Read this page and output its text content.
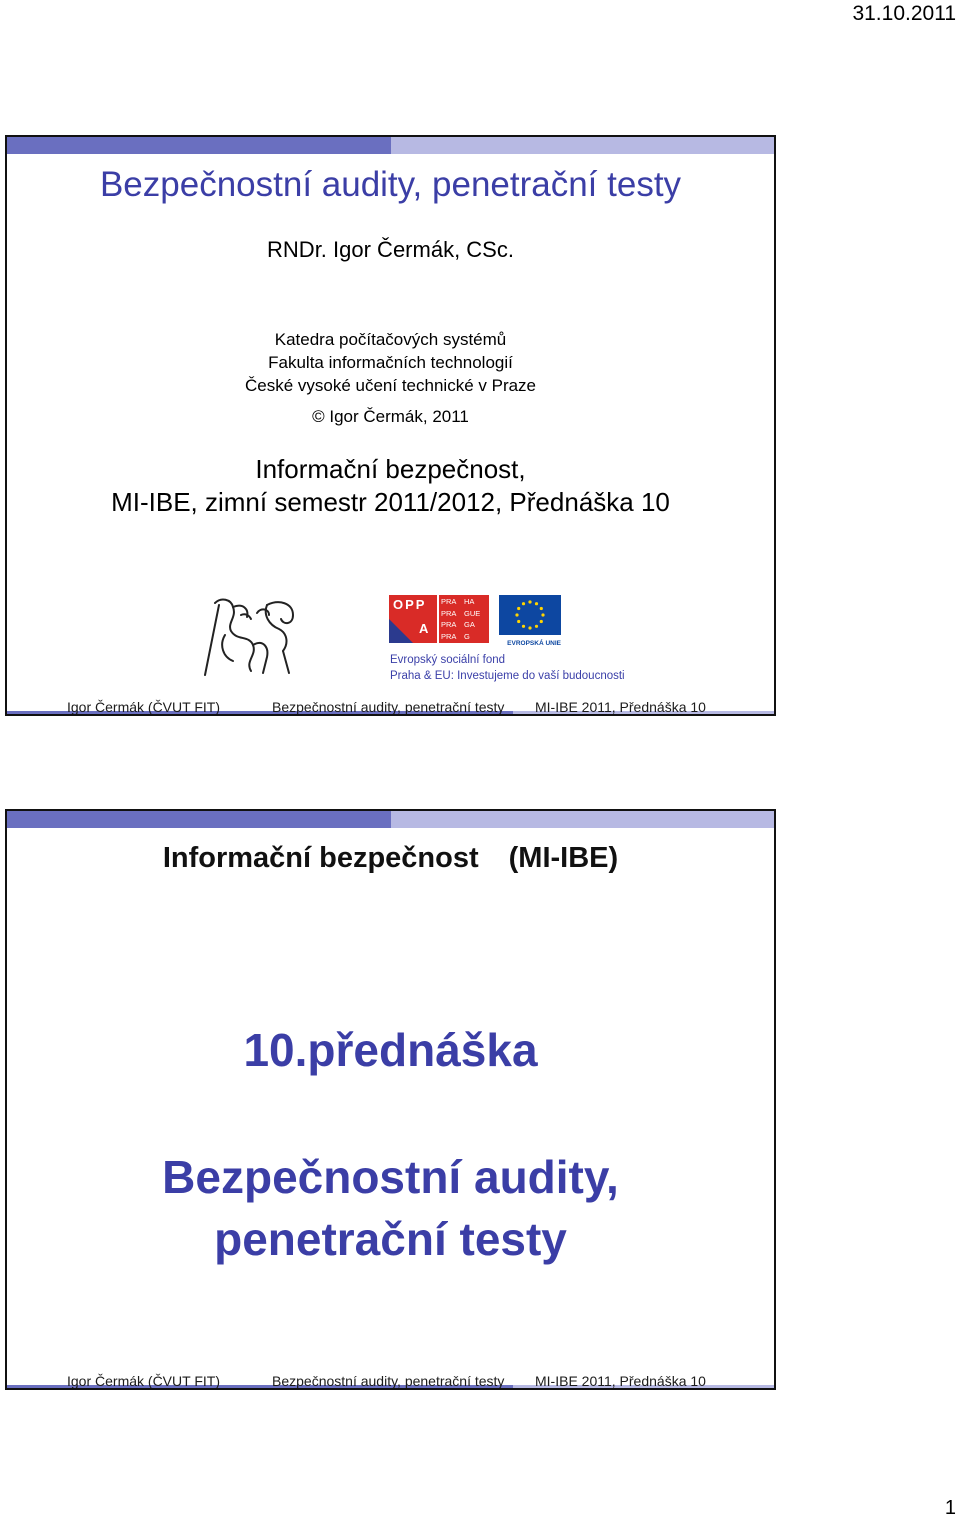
31.10.2011
Bezpečnostní audity, penetrační testy
RNDr. Igor Čermák, CSc.
Katedra počítačových systémů
Fakulta informačních technologií
České vysoké učení technické v Praze
© Igor Čermák, 2011
Informační bezpečnost,
MI-IBE, zimní semestr 2011/2012, Přednáška 10
OPP
A
PRA	HA
PRA	GUE
PRA	GA
PRA	G
EVROPSKÁ UNIE
Evropský sociální fond
Praha & EU: Investujeme do vaší budoucnosti
Igor Čermák (ČVUT FIT)	Bezpečnostní audity, penetrační testy	MI-IBE 2011, Přednáška 10
Informační bezpečnost (MI-IBE)
10.přednáška
Bezpečnostní audity,
penetrační testy
Igor Čermák (ČVUT FIT)	Bezpečnostní audity, penetrační testy	MI-IBE 2011, Přednáška 10
1
